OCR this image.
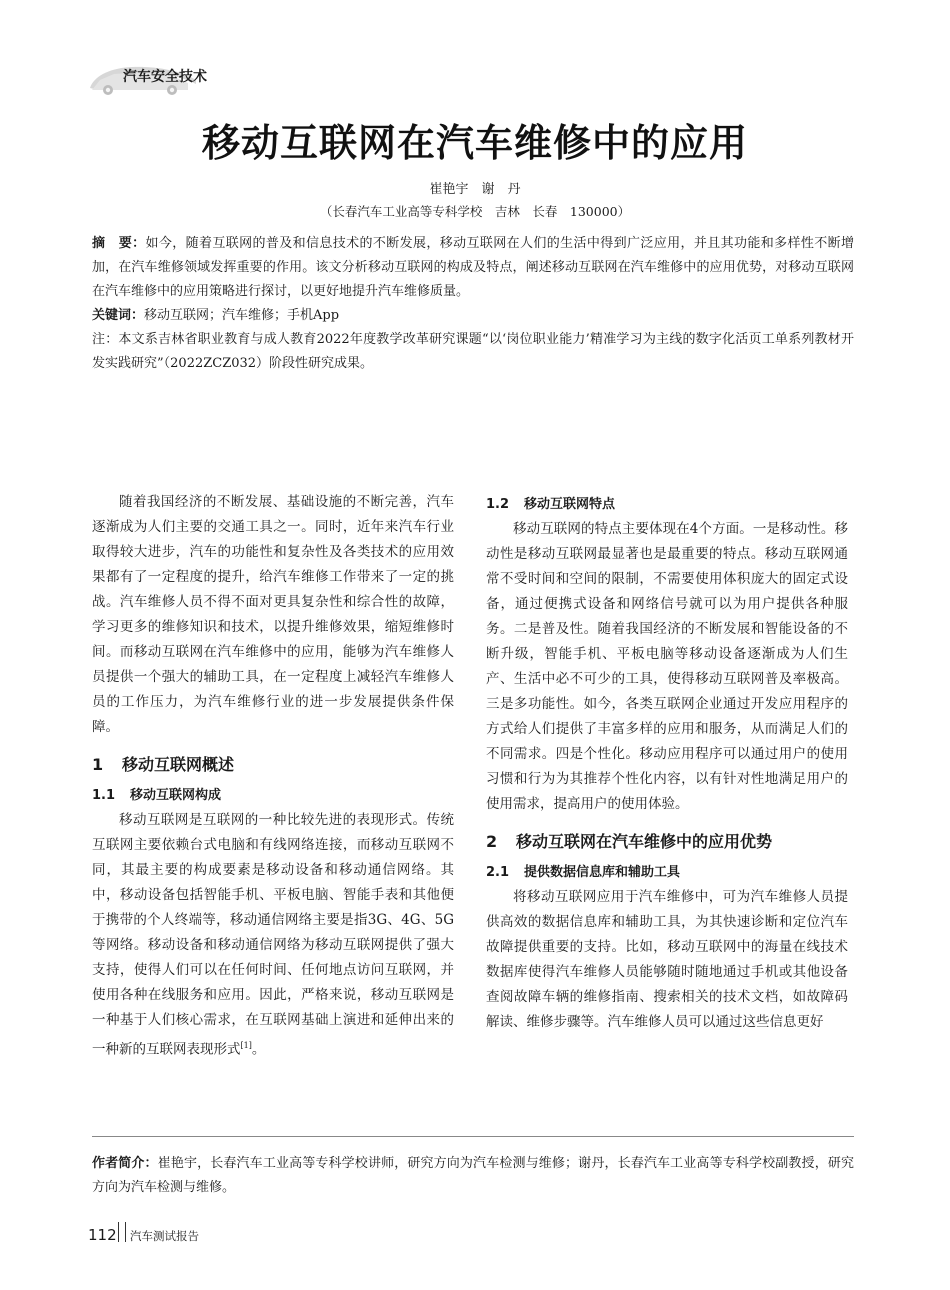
汽车安全技术
移动互联网在汽车维修中的应用
崔艳宇　谢　丹
（长春汽车工业高等专科学校　吉林　长春　130000）

摘　要：如今，随着互联网的普及和信息技术的不断发展，移动互联网在人们的生活中得到广泛应用，并且其功能和多样性不断增加，在汽车维修领域发挥重要的作用。该文分析移动互联网的构成及特点，阐述移动互联网在汽车维修中的应用优势，对移动互联网在汽车维修中的应用策略进行探讨，以更好地提升汽车维修质量。

关键词：移动互联网；汽车维修；手机App

注：本文系吉林省职业教育与成人教育2022年度教学改革研究课题“以‘岗位职业能力’精准学习为主线的数字化活页工单系列教材开发实践研究”（2022ZCZ032）阶段性研究成果。

随着我国经济的不断发展、基础设施的不断完善，汽车逐渐成为人们主要的交通工具之一。同时，近年来汽车行业取得较大进步，汽车的功能性和复杂性及各类技术的应用效果都有了一定程度的提升，给汽车维修工作带来了一定的挑战。汽车维修人员不得不面对更具复杂性和综合性的故障，学习更多的维修知识和技术，以提升维修效果，缩短维修时间。而移动互联网在汽车维修中的应用，能够为汽车维修人员提供一个强大的辅助工具，在一定程度上减轻汽车维修人员的工作压力，为汽车维修行业的进一步发展提供条件保障。

1 移动互联网概述
1.1 移动互联网构成

移动互联网是互联网的一种比较先进的表现形式。传统互联网主要依赖台式电脑和有线网络连接，而移动互联网不同，其最主要的构成要素是移动设备和移动通信网络。其中，移动设备包括智能手机、平板电脑、智能手表和其他便于携带的个人终端等，移动通信网络主要是指3G、4G、5G等网络。移动设备和移动通信网络为移动互联网提供了强大支持，使得人们可以在任何时间、任何地点访问互联网，并使用各种在线服务和应用。因此，严格来说，移动互联网是一种基于人们核心需求，在互联网基础上演进和延伸出来的一种新的互联网表现形式[1]。

1.2 移动互联网特点

移动互联网的特点主要体现在4个方面。一是移动性。移动性是移动互联网最显著也是最重要的特点。移动互联网通常不受时间和空间的限制，不需要使用体积庞大的固定式设备，通过便携式设备和网络信号就可以为用户提供各种服务。二是普及性。随着我国经济的不断发展和智能设备的不断升级，智能手机、平板电脑等移动设备逐渐成为人们生产、生活中必不可少的工具，使得移动互联网普及率极高。三是多功能性。如今，各类互联网企业通过开发应用程序的方式给人们提供了丰富多样的应用和服务，从而满足人们的不同需求。四是个性化。移动应用程序可以通过用户的使用习惯和行为为其推荐个性化内容，以有针对性地满足用户的使用需求，提高用户的使用体验。

2 移动互联网在汽车维修中的应用优势
2.1 提供数据信息库和辅助工具

将移动互联网应用于汽车维修中，可为汽车维修人员提供高效的数据信息库和辅助工具，为其快速诊断和定位汽车故障提供重要的支持。比如，移动互联网中的海量在线技术数据库使得汽车维修人员能够随时随地通过手机或其他设备查阅故障车辆的维修指南、搜索相关的技术文档，如故障码解读、维修步骤等。汽车维修人员可以通过这些信息更好

作者简介：崔艳宇，长春汽车工业高等专科学校讲师，研究方向为汽车检测与维修；谢丹，长春汽车工业高等专科学校副教授，研究方向为汽车检测与维修。
112 汽车测试报告
